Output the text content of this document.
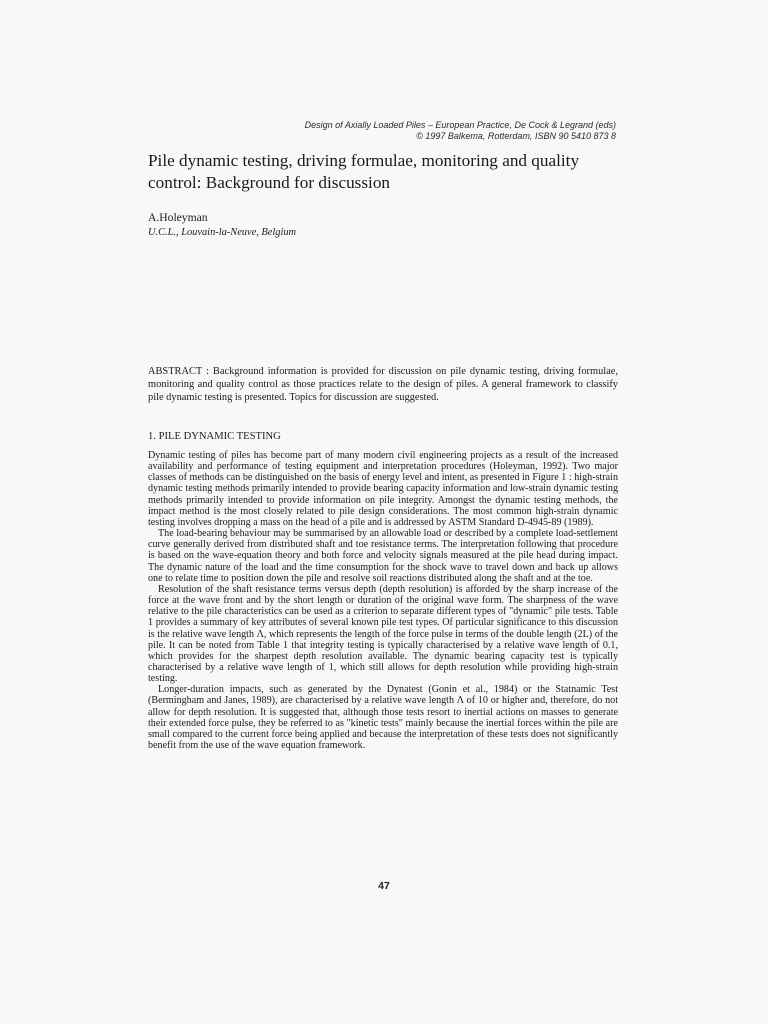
Design of Axially Loaded Piles – European Practice, De Cock & Legrand (eds)
© 1997 Balkema, Rotterdam, ISBN 90 5410 873 8
Pile dynamic testing, driving formulae, monitoring and quality control: Background for discussion
A.Holeyman
U.C.L., Louvain-la-Neuve, Belgium
ABSTRACT : Background information is provided for discussion on pile dynamic testing, driving formulae, monitoring and quality control as those practices relate to the design of piles. A general framework to classify pile dynamic testing is presented. Topics for discussion are suggested.
1. PILE DYNAMIC TESTING

Dynamic testing of piles has become part of many modern civil engineering projects as a result of the increased availability and performance of testing equipment and interpretation procedures (Holeyman, 1992). Two major classes of methods can be distinguished on the basis of energy level and intent, as presented in Figure 1 : high-strain dynamic testing methods primarily intended to provide bearing capacity information and low-strain dynamic testing methods primarily intended to provide information on pile integrity. Amongst the dynamic testing methods, the impact method is the most closely related to pile design considerations. The most common high-strain dynamic testing involves dropping a mass on the head of a pile and is addressed by ASTM Standard D-4945-89 (1989).

The load-bearing behaviour may be summarised by an allowable load or described by a complete load-settlement curve generally derived from distributed shaft and toe resistance terms. The interpretation following that procedure is based on the wave-equation theory and both force and velocity signals measured at the pile head during impact. The dynamic nature of the load and the time consumption for the shock wave to travel down and back up allows one to relate time to position down the pile and resolve soil reactions distributed along the shaft and at the toe.

Resolution of the shaft resistance terms versus depth (depth resolution) is afforded by the sharp increase of the force at the wave front and by the short length or duration of the original wave form. The sharpness of the wave relative to the pile characteristics can be used as a criterion to separate different types of "dynamic" pile tests. Table 1 provides a summary of key attributes of several known pile test types. Of particular significance to this discussion is the relative wave length Λ, which represents the length of the force pulse in terms of the double length (2L) of the pile. It can be noted from Table 1 that integrity testing is typically characterised by a relative wave length of 0.1, which provides for the sharpest depth resolution available. The dynamic bearing capacity test is typically characterised by a relative wave length of 1, which still allows for depth resolution while providing high-strain testing.

Longer-duration impacts, such as generated by the Dynatest (Gonin et al., 1984) or the Statnamic Test (Bermingham and Janes, 1989), are characterised by a relative wave length Λ of 10 or higher and, therefore, do not allow for depth resolution. It is suggested that, although those tests resort to inertial actions on masses to generate their extended force pulse, they be referred to as "kinetic tests" mainly because the inertial forces within the pile are small compared to the current force being applied and because the interpretation of these tests does not significantly benefit from the use of the wave equation framework.

47
